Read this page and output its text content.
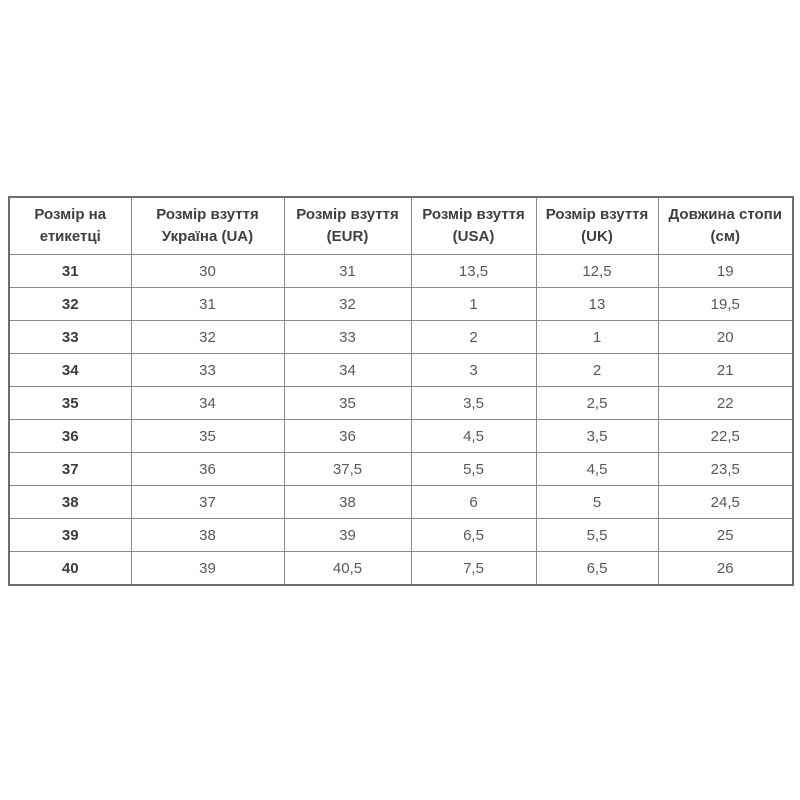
Розмір на етикетці	Розмір взуття Україна (UA)	Розмір взуття (EUR)	Розмір взуття (USA)	Розмір взуття (UK)	Довжина стопи (см)
31	30	31	13,5	12,5	19
32	31	32	1	13	19,5
33	32	33	2	1	20
34	33	34	3	2	21
35	34	35	3,5	2,5	22
36	35	36	4,5	3,5	22,5
37	36	37,5	5,5	4,5	23,5
38	37	38	6	5	24,5
39	38	39	6,5	5,5	25
40	39	40,5	7,5	6,5	26
